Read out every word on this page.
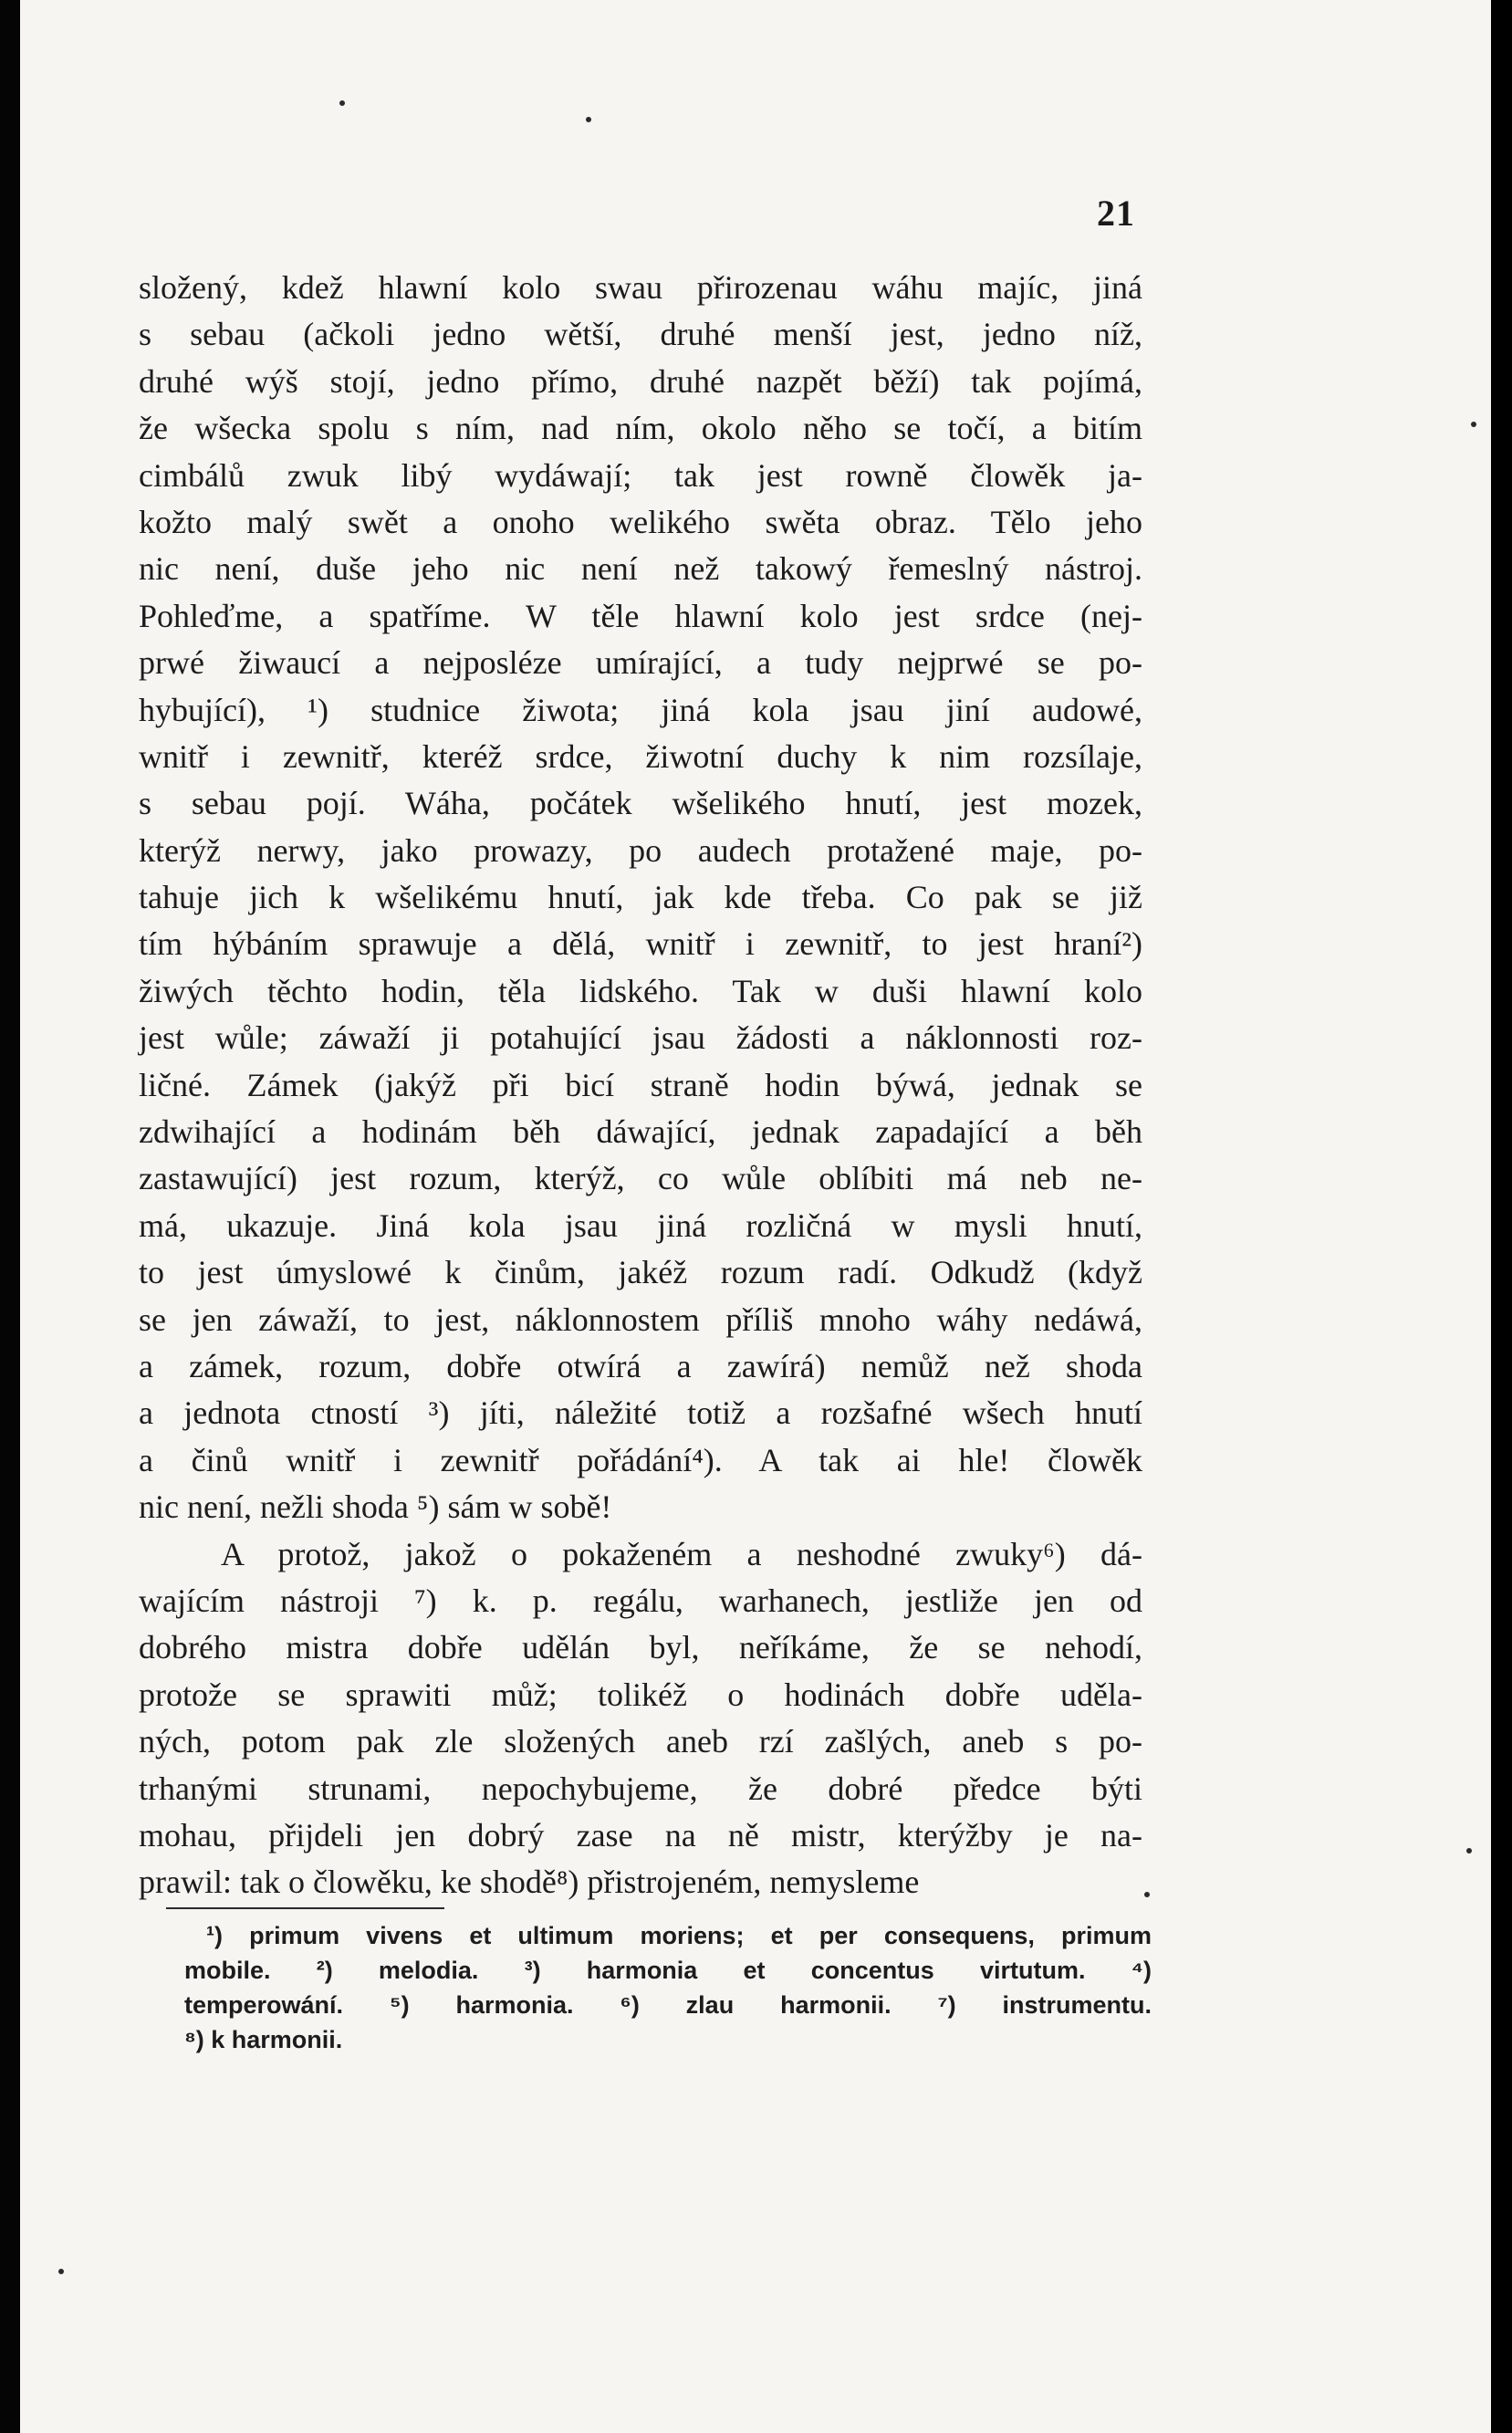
21
složený, kdež hlawní kolo swau přirozenau wáhu majíc, jiná
s sebau (ačkoli jedno wětší, druhé menší jest, jedno níž,
druhé wýš stojí, jedno přímo, druhé nazpět běží) tak pojímá,
že wšecka spolu s ním, nad ním, okolo něho se točí, a bitím
cimbálů zwuk libý wydáwají; tak jest rowně člowěk ja-
kožto malý swět a onoho welikého swěta obraz. Tělo jeho
nic není, duše jeho nic není než takowý řemeslný nástroj.
Pohleďme, a spatříme. W těle hlawní kolo jest srdce (nej-
prwé žiwaucí a nejposléze umírající, a tudy nejprwé se po-
hybující), ¹) studnice žiwota; jiná kola jsau jiní audowé,
wnitř i zewnitř, kteréž srdce, žiwotní duchy k nim rozsílaje,
s sebau pojí. Wáha, počátek wšelikého hnutí, jest mozek,
kterýž nerwy, jako prowazy, po audech protažené maje, po-
tahuje jich k wšelikému hnutí, jak kde třeba. Co pak se již
tím hýbáním sprawuje a dělá, wnitř i zewnitř, to jest hraní²)
žiwých těchto hodin, těla lidského. Tak w duši hlawní kolo
jest wůle; záwaží ji potahující jsau žádosti a náklonnosti roz-
ličné. Zámek (jakýž při bicí straně hodin býwá, jednak se
zdwihající a hodinám běh dáwající, jednak zapadající a běh
zastawující) jest rozum, kterýž, co wůle oblíbiti má neb ne-
má, ukazuje. Jiná kola jsau jiná rozličná w mysli hnutí,
to jest úmyslowé k činům, jakéž rozum radí. Odkudž (když
se jen záwaží, to jest, náklonnostem příliš mnoho wáhy nedáwá,
a zámek, rozum, dobře otwírá a zawírá) nemůž než shoda
a jednota ctností ³) jíti, náležité totiž a rozšafné wšech hnutí
a činů wnitř i zewnitř pořádání⁴). A tak ai hle! člowěk
nic není, nežli shoda ⁵) sám w sobě!
A protož, jakož o pokaženém a neshodné zwuky⁶) dá-
wajícím nástroji ⁷) k. p. regálu, warhanech, jestliže jen od
dobrého mistra dobře udělán byl, neříkáme, že se nehodí,
protože se sprawiti můž; tolikéž o hodinách dobře uděla-
ných, potom pak zle složených aneb rzí zašlých, aneb s po-
trhanými strunami, nepochybujeme, že dobré předce býti
mohau, přijdeli jen dobrý zase na ně mistr, kterýžby je na-
prawil: tak o člowěku, ke shodě⁸) přistrojeném, nemysleme
¹) primum vivens et ultimum moriens; et per consequens, primum
mobile. ²) melodia. ³) harmonia et concentus virtutum. ⁴)
temperowání. ⁵) harmonia. ⁶) zlau harmonii. ⁷) instrumentu.
⁸) k harmonii.
